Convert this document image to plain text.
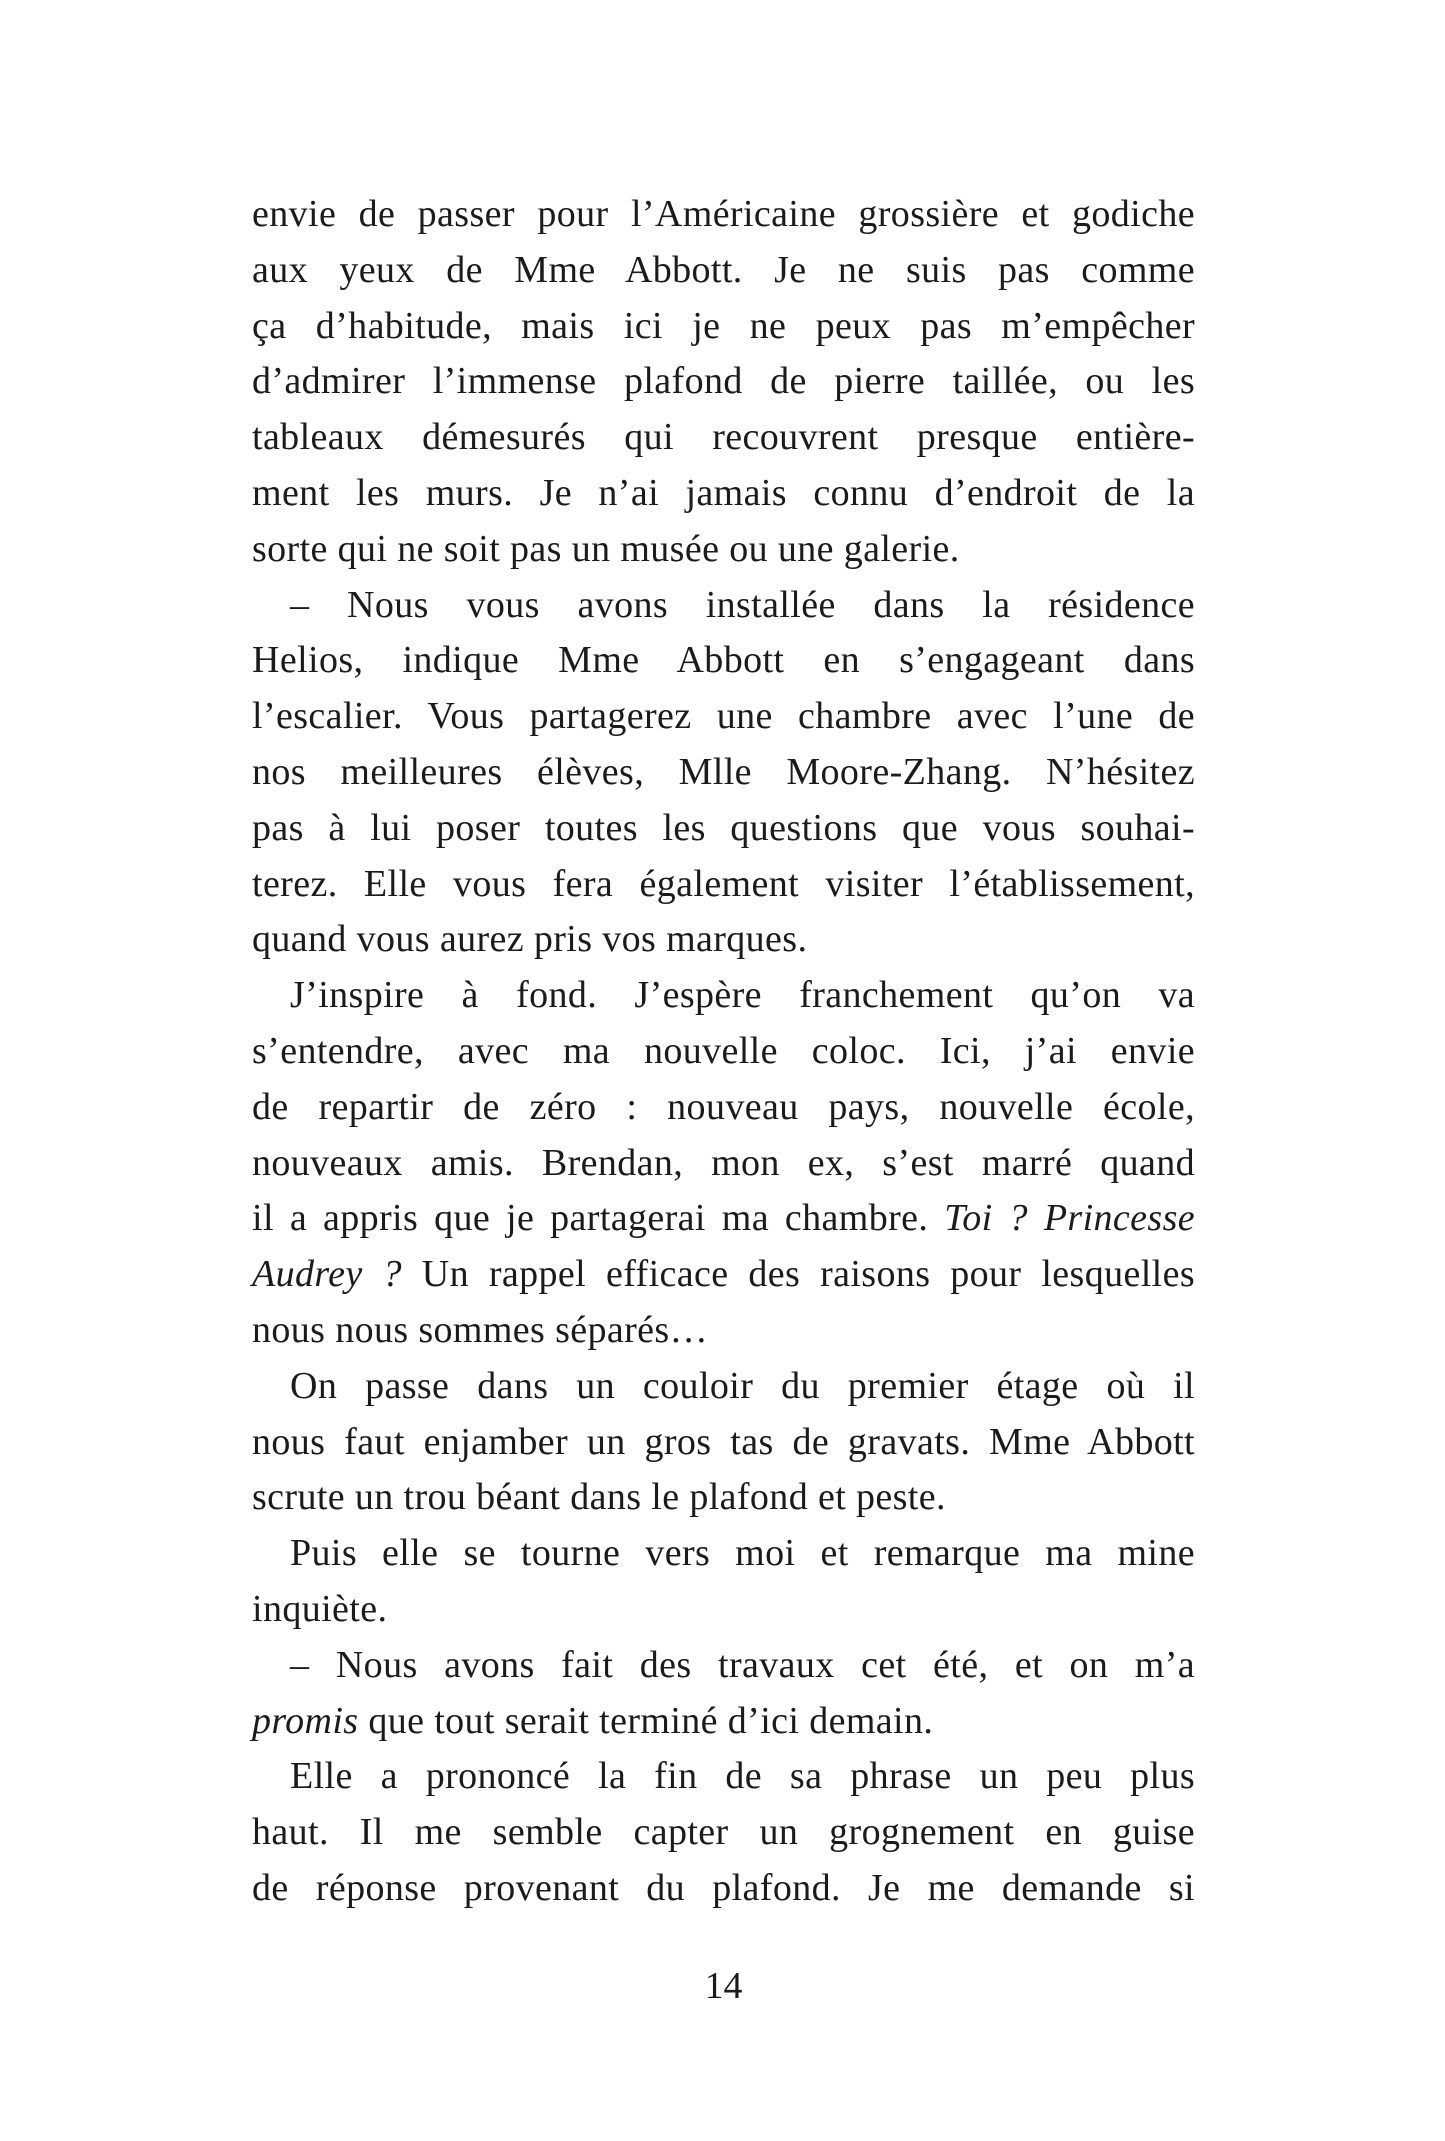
envie de passer pour l’Américaine grossière et godiche
aux yeux de Mme Abbott. Je ne suis pas comme
ça d’habitude, mais ici je ne peux pas m’empêcher
d’admirer l’immense plafond de pierre taillée, ou les
tableaux démesurés qui recouvrent presque entière-
ment les murs. Je n’ai jamais connu d’endroit de la
sorte qui ne soit pas un musée ou une galerie.
– Nous vous avons installée dans la résidence
Helios, indique Mme Abbott en s’engageant dans
l’escalier. Vous partagerez une chambre avec l’une de
nos meilleures élèves, Mlle Moore-Zhang. N’hésitez
pas à lui poser toutes les questions que vous souhai-
terez. Elle vous fera également visiter l’établissement,
quand vous aurez pris vos marques.
J’inspire à fond. J’espère franchement qu’on va
s’entendre, avec ma nouvelle coloc. Ici, j’ai envie
de repartir de zéro : nouveau pays, nouvelle école,
nouveaux amis. Brendan, mon ex, s’est marré quand
il a appris que je partagerai ma chambre. Toi ? Princesse
Audrey ? Un rappel efficace des raisons pour lesquelles
nous nous sommes séparés…
On passe dans un couloir du premier étage où il
nous faut enjamber un gros tas de gravats. Mme Abbott
scrute un trou béant dans le plafond et peste.
Puis elle se tourne vers moi et remarque ma mine
inquiète.
– Nous avons fait des travaux cet été, et on m’a
promis que tout serait terminé d’ici demain.
Elle a prononcé la fin de sa phrase un peu plus
haut. Il me semble capter un grognement en guise
de réponse provenant du plafond. Je me demande si
14
